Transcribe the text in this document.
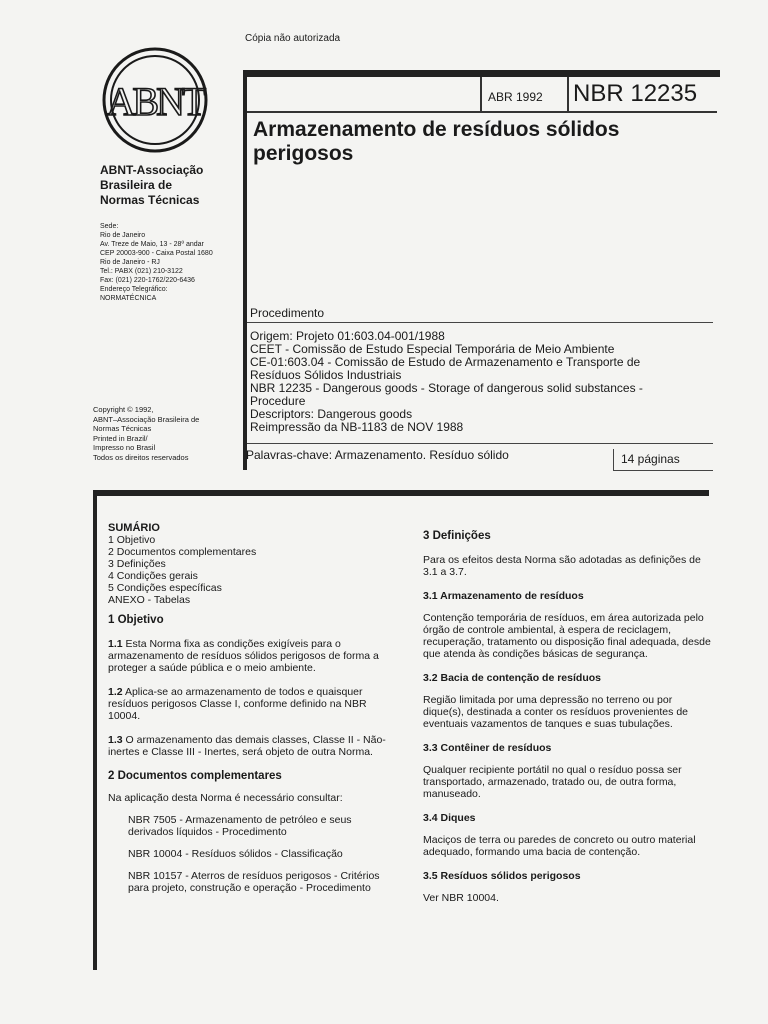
Cópia não autorizada
ABNT
ABNT-Associação
Brasileira de
Normas Técnicas
Sede:
Rio de Janeiro
Av. Treze de Maio, 13 - 28º andar
CEP 20003-900 - Caixa Postal 1680
Rio de Janeiro - RJ
Tel.: PABX (021) 210-3122
Fax: (021) 220-1762/220-6436
Endereço Telegráfico:
NORMATÉCNICA
Copyright © 1992,
ABNT–Associação Brasileira de
Normas Técnicas
Printed in Brazil/
Impresso no Brasil
Todos os direitos reservados
ABR 1992 NBR 12235
Armazenamento de resíduos sólidos
perigosos
Procedimento
Origem: Projeto 01:603.04-001/1988
CEET - Comissão de Estudo Especial Temporária de Meio Ambiente
CE-01:603.04 - Comissão de Estudo de Armazenamento e Transporte de
Resíduos Sólidos Industriais
NBR 12235 - Dangerous goods - Storage of dangerous solid substances -
Procedure
Descriptors: Dangerous goods
Reimpressão da NB-1183 de NOV 1988
Palavras-chave: Armazenamento. Resíduo sólido	14 páginas
SUMÁRIO
1 Objetivo
2 Documentos complementares
3 Definições
4 Condições gerais
5 Condições específicas
ANEXO - Tabelas
1 Objetivo

1.1 Esta Norma fixa as condições exigíveis para o armazenamento de resíduos sólidos perigosos de forma a proteger a saúde pública e o meio ambiente.

1.2 Aplica-se ao armazenamento de todos e quaisquer resíduos perigosos Classe I, conforme definido na NBR 10004.

1.3 O armazenamento das demais classes, Classe II - Não-inertes e Classe III - Inertes, será objeto de outra Norma.

2 Documentos complementares

Na aplicação desta Norma é necessário consultar:

NBR 7505 - Armazenamento de petróleo e seus derivados líquidos - Procedimento

NBR 10004 - Resíduos sólidos - Classificação

NBR 10157 - Aterros de resíduos perigosos - Critérios para projeto, construção e operação - Procedimento

3 Definições

Para os efeitos desta Norma são adotadas as definições de 3.1 a 3.7.

3.1 Armazenamento de resíduos

Contenção temporária de resíduos, em área autorizada pelo órgão de controle ambiental, à espera de reciclagem, recuperação, tratamento ou disposição final adequada, desde que atenda às condições básicas de segurança.

3.2 Bacia de contenção de resíduos

Região limitada por uma depressão no terreno ou por dique(s), destinada a conter os resíduos provenientes de eventuais vazamentos de tanques e suas tubulações.

3.3 Contêiner de resíduos

Qualquer recipiente portátil no qual o resíduo possa ser transportado, armazenado, tratado ou, de outra forma, manuseado.

3.4 Diques

Maciços de terra ou paredes de concreto ou outro material adequado, formando uma bacia de contenção.

3.5 Resíduos sólidos perigosos

Ver NBR 10004.
